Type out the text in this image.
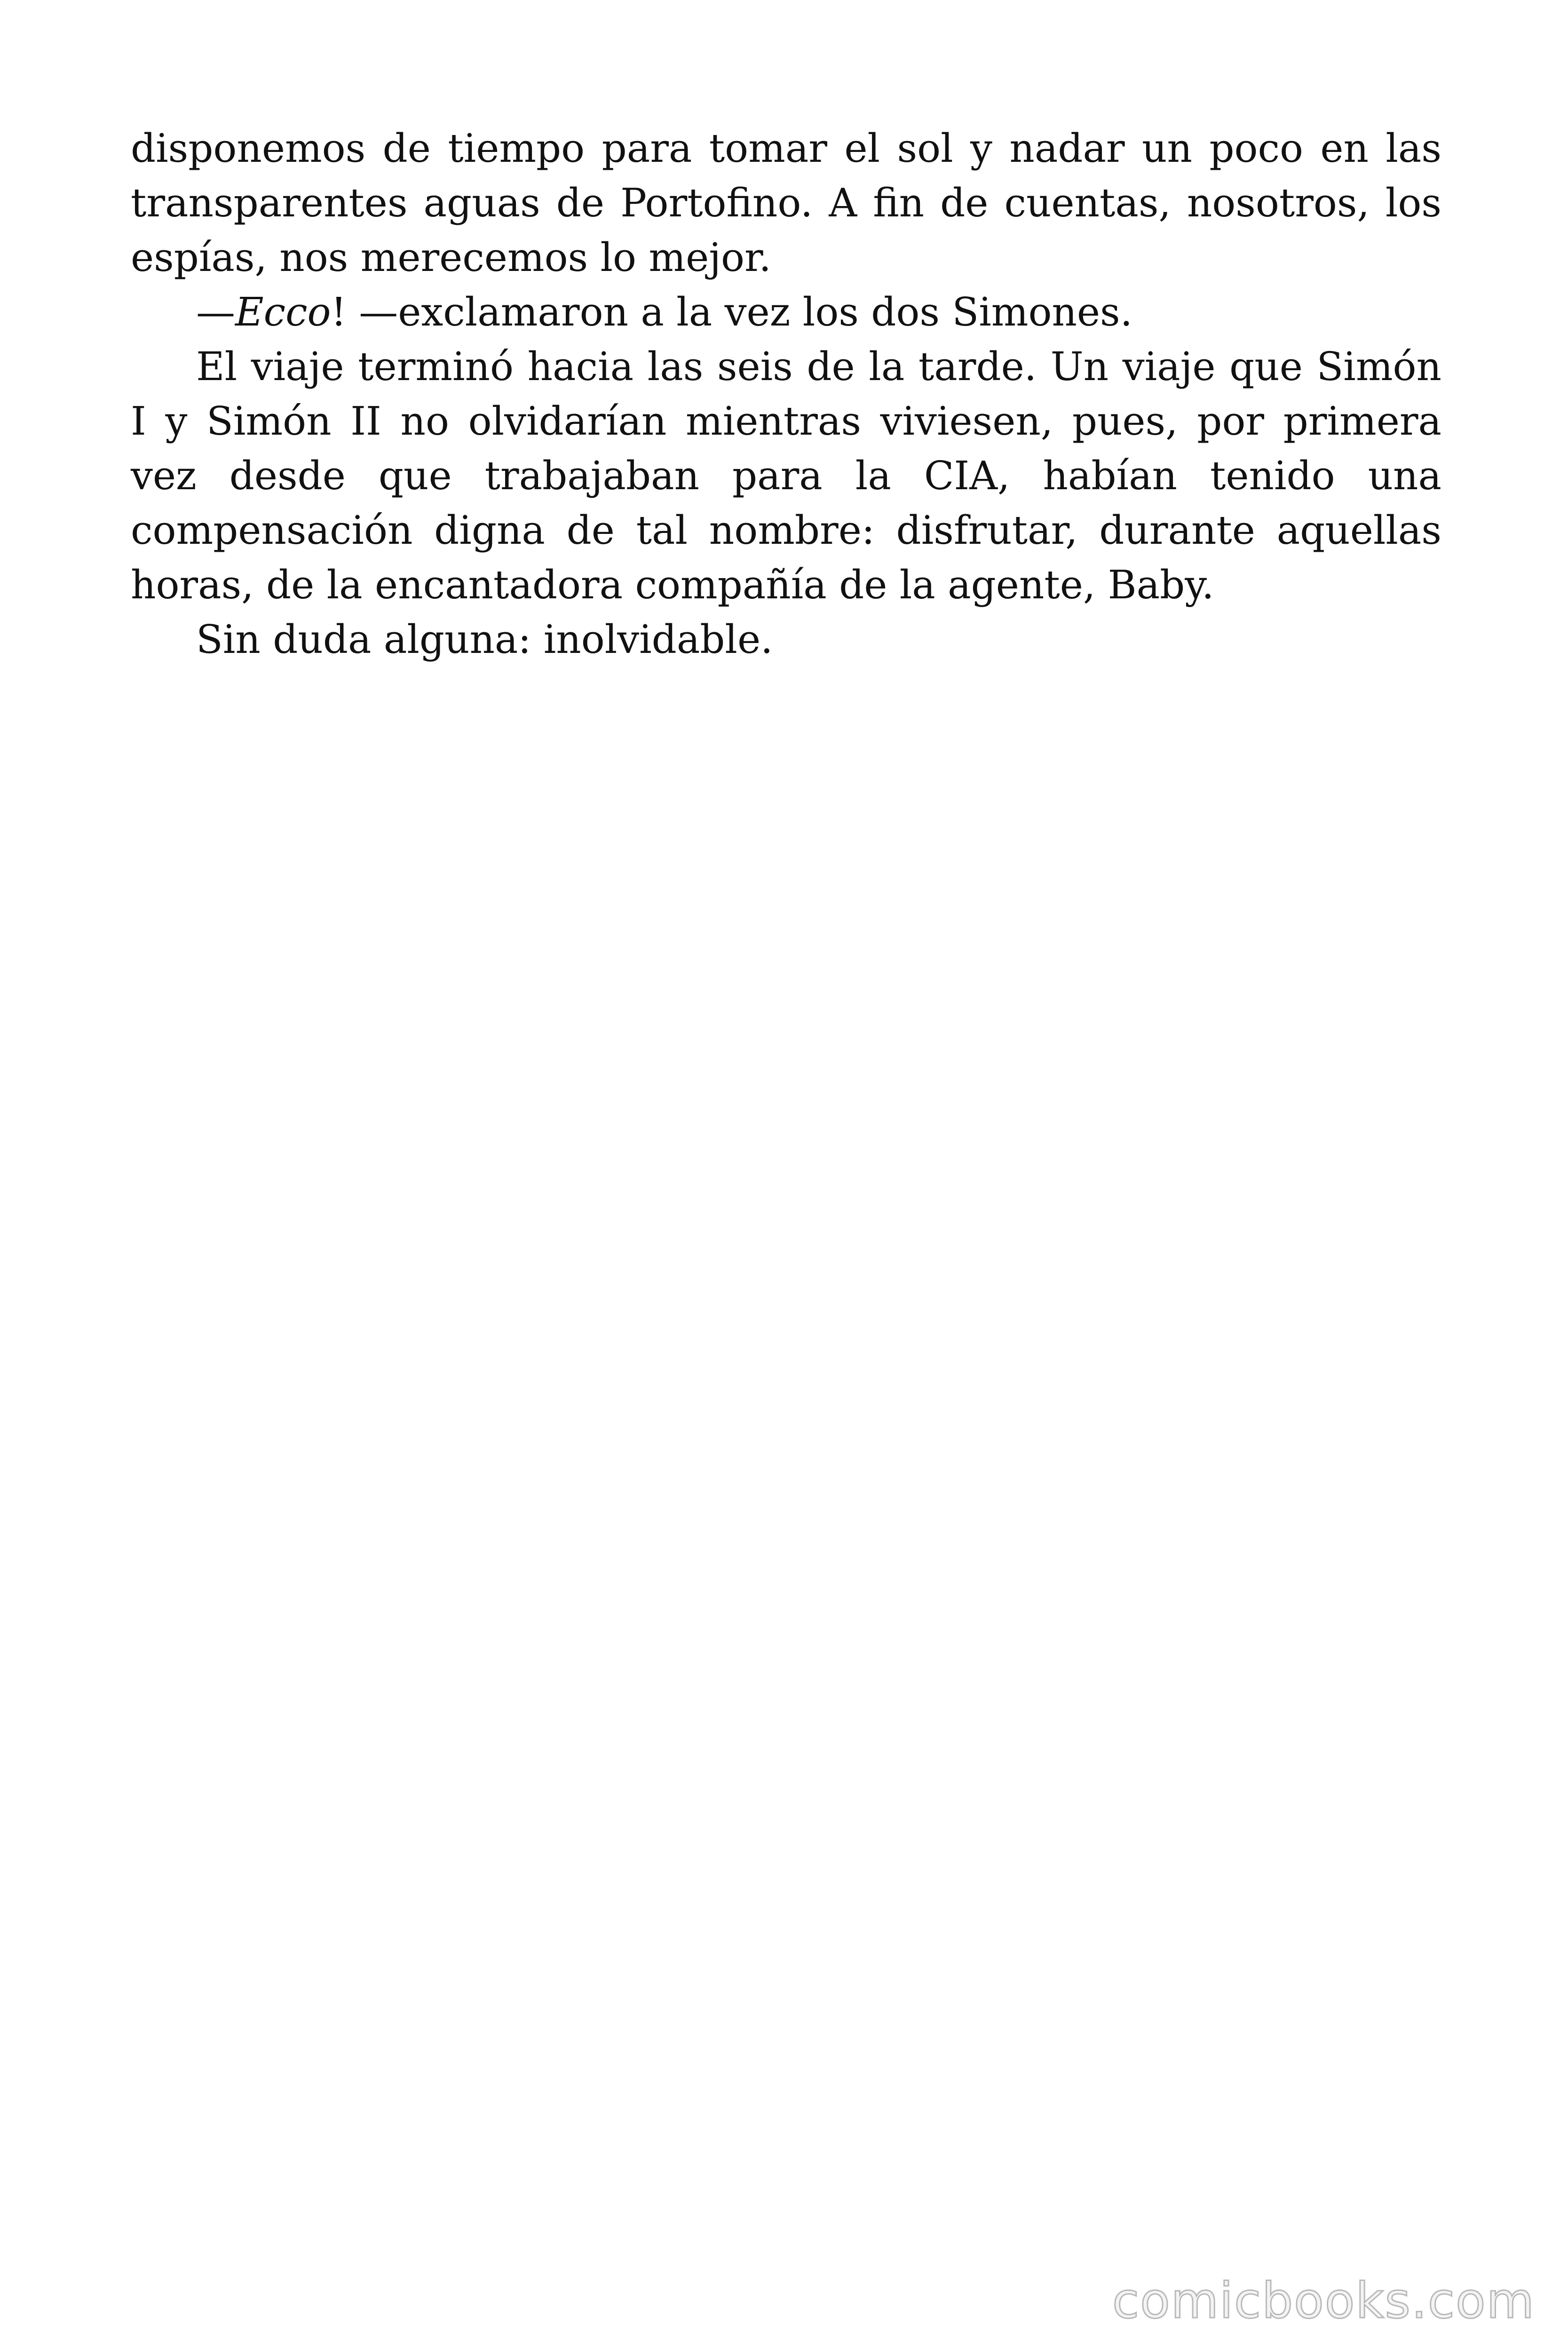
disponemos de tiempo para tomar el sol y nadar un poco en las transparentes aguas de Portofino. A fin de cuentas, nosotros, los espías, nos merecemos lo mejor.

—Ecco! —exclamaron a la vez los dos Simones.

El viaje terminó hacia las seis de la tarde. Un viaje que Simón I y Simón II no olvidarían mientras viviesen, pues, por primera vez desde que trabajaban para la CIA, habían tenido una compensación digna de tal nombre: disfrutar, durante aquellas horas, de la encantadora compañía de la agente, Baby.

Sin duda alguna: inolvidable.

comicbooks.com
